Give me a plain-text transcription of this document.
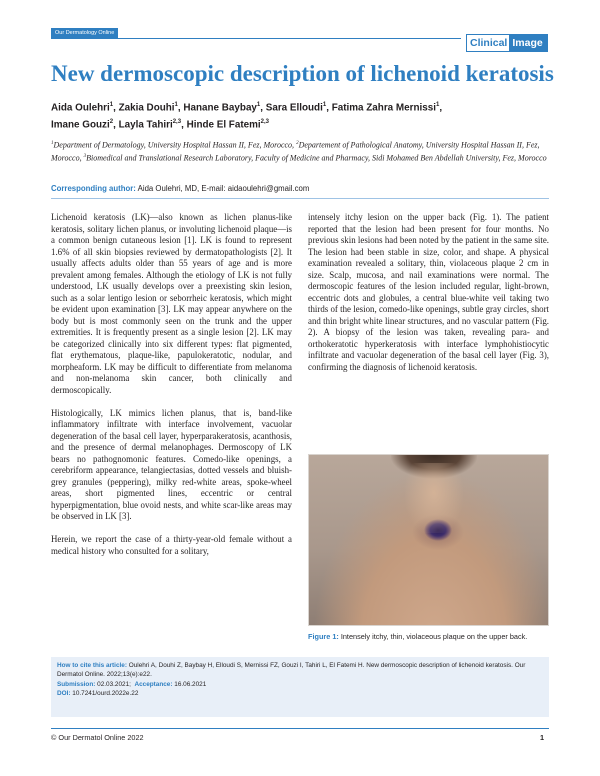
Our Dermatology Online
Clinical Image
New dermoscopic description of lichenoid keratosis
Aida Oulehri$^1$, Zakia Douhi$^1$, Hanane Baybay$^1$, Sara Elloudi$^1$, Fatima Zahra Mernissi$^1$,
Imane Gouzi$^2$, Layla Tahiri$^{2,3}$, Hinde El Fatemi$^{2,3}$
$^1$Department of Dermatology, University Hospital Hassan II, Fez, Morocco, $^2$Departement of Pathological Anatomy, University Hospital Hassan II, Fez, Morocco, $^3$Biomedical and Translational Research Laboratory, Faculty of Medicine and Pharmacy, Sidi Mohamed Ben Abdellah University, Fez, Morocco
Corresponding author: Aida Oulehri, MD, E-mail: aidaoulehri@gmail.com

Lichenoid keratosis (LK)—also known as lichen planus-like keratosis, solitary lichen planus, or involuting lichenoid plaque—is a common benign cutaneous lesion [1]. LK is found to represent 1.6% of all skin biopsies reviewed by dermatopathologists [2]. It usually affects adults older than 55 years of age and is more prevalent among females. Although the etiology of LK is not fully understood, LK usually develops over a preexisting skin lesion, such as a solar lentigo lesion or seborrheic keratosis, which might be evident upon examination [3]. LK may appear anywhere on the body but is most commonly seen on the trunk and the upper extremities. It is frequently present as a single lesion [2]. LK may be categorized clinically into six different types: flat pigmented, flat erythematous, plaque-like, papulokeratotic, nodular, and morpheaform. LK may be difficult to differentiate from melanoma and non-melanoma skin cancer, both clinically and dermoscopically.

Histologically, LK mimics lichen planus, that is, band-like inflammatory infiltrate with interface involvement, vacuolar degeneration of the basal cell layer, hyperparakeratosis, acanthosis, and the presence of dermal melanophages. Dermoscopy of LK bears no pathognomonic features. Comedo-like openings, a cerebriform appearance, telangiectasias, dotted vessels and bluish-grey granules (peppering), milky red-white areas, spoke-wheel areas, short pigmented lines, eccentric or central hyperpigmentation, blue ovoid nests, and white scar-like areas may be observed in LK [3].

Herein, we report the case of a thirty-year-old female without a medical history who consulted for a solitary,

intensely itchy lesion on the upper back (Fig. 1). The patient reported that the lesion had been present for four months. No previous skin lesions had been noted by the patient in the same site. The lesion had been stable in size, color, and shape. A physical examination revealed a solitary, thin, violaceous plaque 2 cm in size. Scalp, mucosa, and nail examinations were normal. The dermoscopic features of the lesion included regular, light-brown, eccentric dots and globules, a central blue-white veil taking two thirds of the lesion, comedo-like openings, subtle gray circles, short and thin bright white linear structures, and no vascular pattern (Fig. 2). A biopsy of the lesion was taken, revealing para- and orthokeratotic hyperkeratosis with interface lymphohistiocytic infiltrate and vacuolar degeneration of the basal cell layer (Fig. 3), confirming the diagnosis of lichenoid keratosis.

Figure 1: Intensely itchy, thin, violaceous plaque on the upper back.
How to cite this article: Oulehri A, Douhi Z, Baybay H, Elloudi S, Mernissi FZ, Gouzi I, Tahiri L, El Fatemi H. New dermoscopic description of lichenoid keratosis. Our Dermatol Online. 2022;13(e):e22.
Submission: 02.03.2021; Acceptance: 16.06.2021
DOI: 10.7241/ourd.2022e.22
© Our Dermatol Online 2022	1
